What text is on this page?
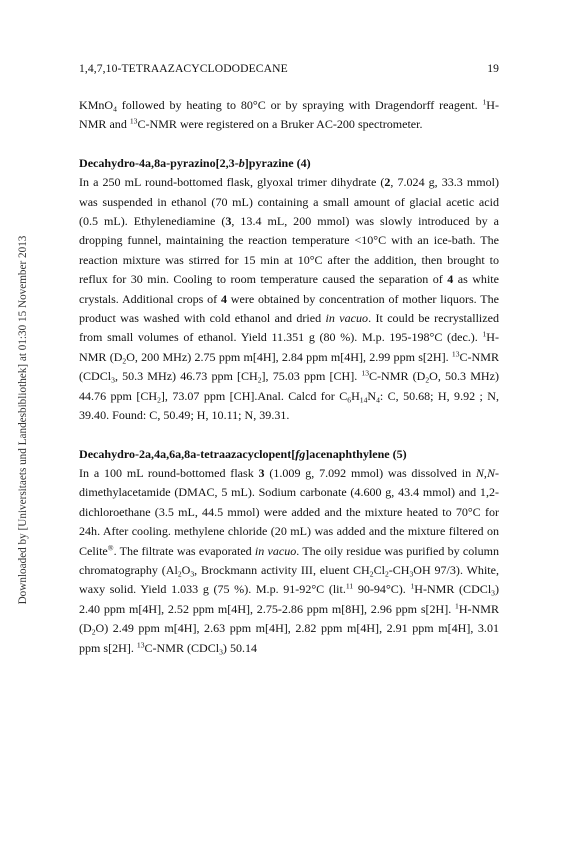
1,4,7,10-TETRAAZACYCLODODECANE	19
Downloaded by [Universitaets und Landesbibliothek] at 01:30 15 November 2013

KMnO$_4$ followed by heating to 80°C or by spraying with Dragendorff reagent. $^1$H-NMR and $^{13}$C-NMR were registered on a Bruker AC-200 spectrometer.

Decahydro-4a,8a-pyrazino[2,3-b]pyrazine (4)

In a 250 mL round-bottomed flask, glyoxal trimer dihydrate (2, 7.024 g, 33.3 mmol) was suspended in ethanol (70 mL) containing a small amount of glacial acetic acid (0.5 mL). Ethylenediamine (3, 13.4 mL, 200 mmol) was slowly introduced by a dropping funnel, maintaining the reaction temperature <10°C with an ice-bath. The reaction mixture was stirred for 15 min at 10°C after the addition, then brought to reflux for 30 min. Cooling to room temperature caused the separation of 4 as white crystals. Additional crops of 4 were obtained by concentration of mother liquors. The product was washed with cold ethanol and dried in vacuo. It could be recrystallized from small volumes of ethanol. Yield 11.351 g (80 %). M.p. 195-198°C (dec.). $^1$H-NMR ($D_2O$, 200 MHz) 2.75 ppm m[4H], 2.84 ppm m[4H], 2.99 ppm s[2H]. $^{13}$C-NMR (CDCl$_3$, 50.3 MHz) 46.73 ppm $[CH_2]$, 75.03 ppm [CH]. $^{13}$C-NMR ($D_2O$, 50.3 MHz) 44.76 ppm $[CH_2]$, 73.07 ppm [CH].Anal. Calcd for $C_6H_{14}N_4$: C, 50.68; H, 9.92 ; N, 39.40. Found: C, 50.49; H, 10.11; N, 39.31.

Decahydro-2a,4a,6a,8a-tetraazacyclopent[fg]acenaphthylene (5)

In a 100 mL round-bottomed flask 3 (1.009 g, 7.092 mmol) was dissolved in N,N-dimethylacetamide (DMAC, 5 mL). Sodium carbonate (4.600 g, 43.4 mmol) and 1,2-dichloroethane (3.5 mL, 44.5 mmol) were added and the mixture heated to 70°C for 24h. After cooling. methylene chloride (20 mL) was added and the mixture filtered on Celite®. The filtrate was evaporated in vacuo. The oily residue was purified by column chromatography ($Al_2O_3$, Brockmann activity III, eluent $CH_2Cl_2-CH_3OH$ 97/3). White, waxy solid. Yield 1.033 g (75 %). M.p. 91-92°C (lit.$^{11}$ 90-94°C). $^1$H-NMR (CDCl$_3$) 2.40 ppm m[4H], 2.52 ppm m[4H], 2.75-2.86 ppm m[8H], 2.96 ppm s[2H]. $^1$H-NMR $(D_2O)$ 2.49 ppm m[4H], 2.63 ppm m[4H], 2.82 ppm m[4H], 2.91 ppm m[4H], 3.01 ppm s[2H]. $^{13}$C-NMR (CDCl$_3$) 50.14
